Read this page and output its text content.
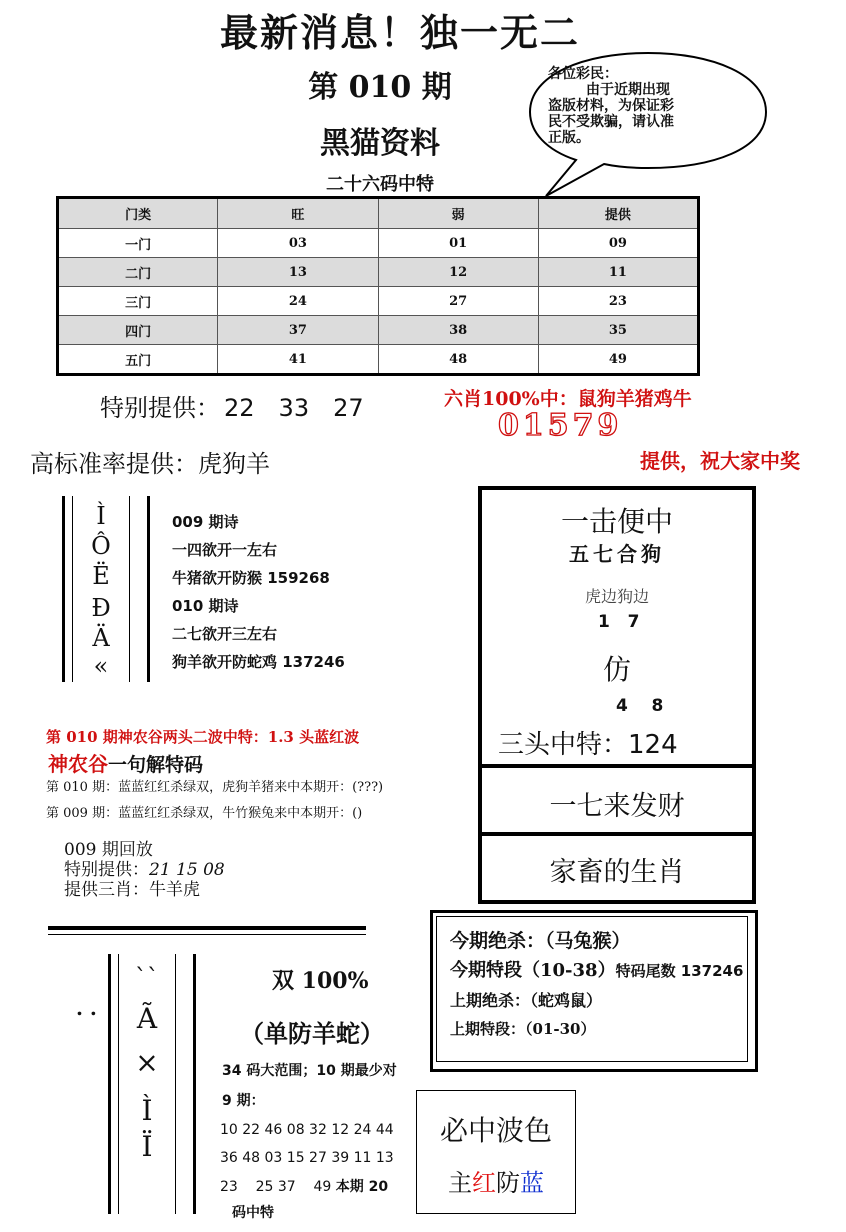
最新消息！独一无二
第 010 期
黑猫资料
二十六码中特
各位彩民：

由于近期出现
盗版材料，为保证彩
民不受欺骗，请认准
正版。
门类	旺	弱	提供
一门	03	01	09
二门	13	12	11
三门	24	27	23
四门	37	38	35
五门	41	48	49
特别提供： 22 33 27	六肖100%中：鼠狗羊猪鸡牛
01579
提供，祝大家中奖
高标准率提供：虎狗羊
Ì
Ô
Ë
Ð
Ä
«
009 期诗
一四欲开一左右
牛猪欲开防猴 159268
010 期诗
二七欲开三左右
狗羊欲开防蛇鸡 137246
一击便中
五七合狗
虎边狗边
1   7
仿
4    8
三头中特：124
一七来发财
家畜的生肖
第 010 期神农谷两头二波中特：1.3 头蓝红波
神农谷一句解特码
第 010 期：蓝蓝红红杀绿双，虎狗羊猪来中本期开：(???)
第 009 期：蓝蓝红红杀绿双，牛竹猴兔来中本期开：()
009 期回放
特别提供：21 15 08
提供三肖：牛羊虎
今期绝杀：（马兔猴）
今期特段（10-38）特码尾数 137246
上期绝杀：（蛇鸡鼠）
上期特段：（01-30）
``
Ã
×
Ì
Ï
. .
双 100%
（单防羊蛇）
34 码大范围；10 期最少对
9 期：
10 22 46 08 32 12 24 44
36 48 03 15 27 39 11 13
23    25 37    49 本期 20
码中特
必中波色
主红防蓝
